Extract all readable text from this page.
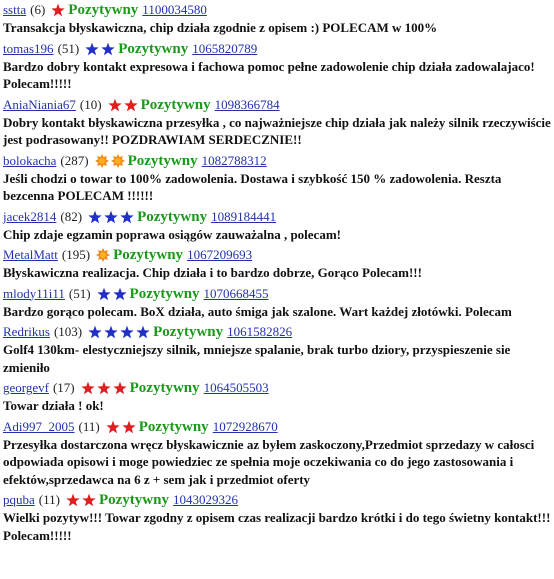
sstta (6) Pozytywny 1100034580
Transakcja błyskawiczna, chip działa zgodnie z opisem :) POLECAM w 100%
tomas196 (51)	Pozytywny 1065820789
Bardzo dobry kontakt expresowa i fachowa pomoc pełne zadowolenie chip działa zadowalajaco! Polecam!!!!!
AniaNiania67 (10)	Pozytywny 1098366784
Dobry kontakt błyskawiczna przesyłka , co najważniejsze chip działa jak należy silnik rzeczywiście jest podrasowany!! POZDRAWIAM SERDECZNIE!!
bolokacha (287)	Pozytywny 1082788312
Jeśli chodzi o towar to 100% zadowolenia. Dostawa i szybkość 150 % zadowolenia. Reszta bezcenna POLECAM !!!!!!
jacek2814 (82)	Pozytywny 1089184441
Chip zdaje egzamin poprawa osiągów zauważalna , polecam!
MetalMatt (195) Pozytywny 1067209693
Błyskawiczna realizacja. Chip działa i to bardzo dobrze, Gorąco Polecam!!!
mlody11i11 (51)	Pozytywny 1070668455
Bardzo gorąco polecam. BoX działa, auto śmiga jak szalone. Wart każdej złotówki. Polecam
Redrikus (103)	Pozytywny 1061582826
Golf4 130km- elestyczniejszy silnik, mniejsze spalanie, brak turbo dziory, przyspieszenie sie zmieniło
georgevf (17)	Pozytywny 1064505503
Towar działa ! ok!
Adi997_2005 (11)	Pozytywny 1072928670
Przesyłka dostarczona wręcz błyskawicznie az byłem zaskoczony,Przedmiot sprzedazy w całosci odpowiada opisowi i moge powiedziec ze spełnia moje oczekiwania co do jego zastosowania i efektów,sprzedawca na 6 z + sem jak i przedmiot oferty
pquba (11)	Pozytywny 1043029326
Wielki pozytyw!!! Towar zgodny z opisem czas realizacji bardzo krótki i do tego świetny kontakt!!! Polecam!!!!!
